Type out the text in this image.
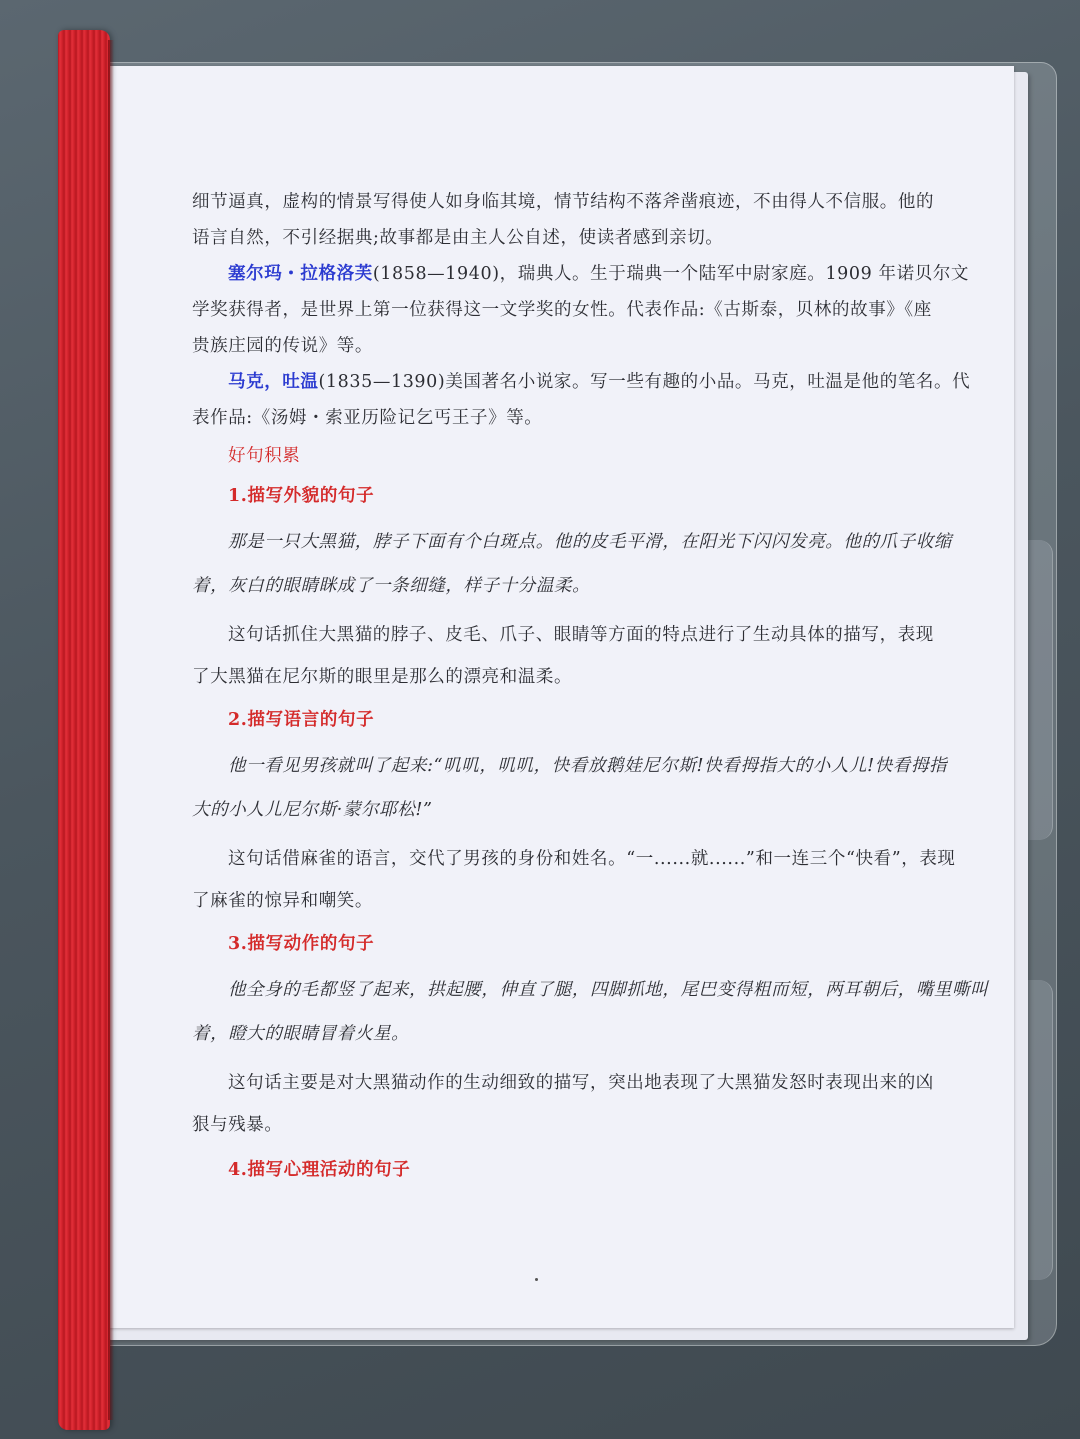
细节逼真，虚构的情景写得使人如身临其境，情节结构不落斧凿痕迹，不由得人不信服。他的
语言自然，不引经据典;故事都是由主人公自述，使读者感到亲切。
塞尔玛・拉格洛芙(1858—1940)，瑞典人。生于瑞典一个陆军中尉家庭。1909 年诺贝尔文
学奖获得者，是世界上第一位获得这一文学奖的女性。代表作品:《古斯泰，贝林的故事》《座
贵族庄园的传说》等。
马克，吐温(1835—1390)美国著名小说家。写一些有趣的小品。马克，吐温是他的笔名。代
表作品:《汤姆・索亚历险记乞丐王子》等。
好句积累
1.描写外貌的句子
那是一只大黑猫，脖子下面有个白斑点。他的皮毛平滑，在阳光下闪闪发亮。他的爪子收缩
着，灰白的眼睛眯成了一条细缝，样子十分温柔。
这句话抓住大黑猫的脖子、皮毛、爪子、眼睛等方面的特点进行了生动具体的描写，表现
了大黑猫在尼尔斯的眼里是那么的漂亮和温柔。
2.描写语言的句子
他一看见男孩就叫了起来:“叽叽，叽叽，快看放鹅娃尼尔斯!快看拇指大的小人儿!快看拇指
大的小人儿尼尔斯·蒙尔耶松!”
这句话借麻雀的语言，交代了男孩的身份和姓名。“一......就......”和一连三个“快看”，表现
了麻雀的惊异和嘲笑。
3.描写动作的句子
他全身的毛都竖了起来，拱起腰，伸直了腿，四脚抓地，尾巴变得粗而短，两耳朝后，嘴里嘶叫
着，瞪大的眼睛冒着火星。
这句话主要是对大黑猫动作的生动细致的描写，突出地表现了大黑猫发怒时表现出来的凶
狠与残暴。
4.描写心理活动的句子
